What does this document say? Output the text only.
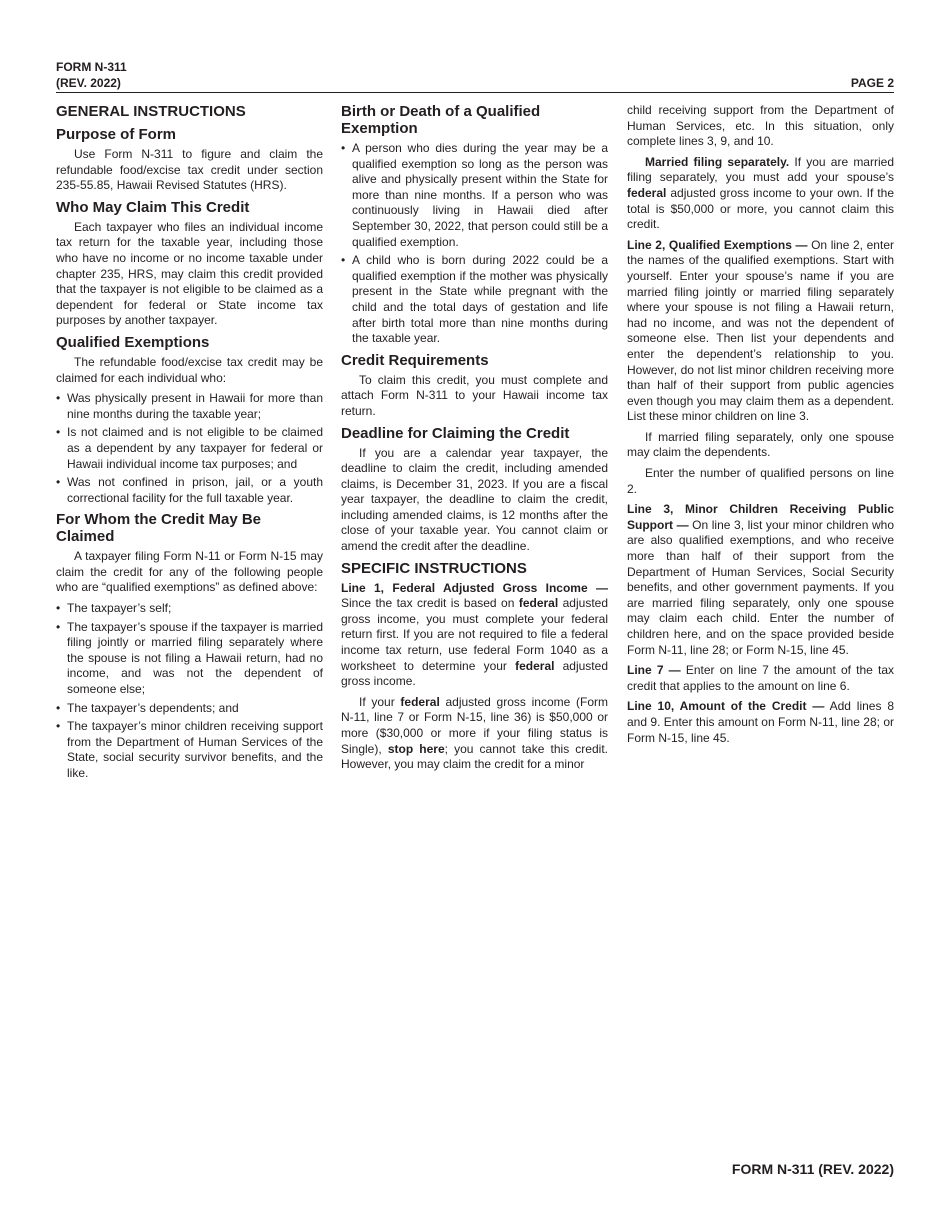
FORM N-311
(REV. 2022)	PAGE 2
GENERAL INSTRUCTIONS
Purpose of Form

Use Form N-311 to figure and claim the refundable food/excise tax credit under section 235-55.85, Hawaii Revised Statutes (HRS).

Who May Claim This Credit

Each taxpayer who files an individual income tax return for the taxable year, including those who have no income or no income taxable under chapter 235, HRS, may claim this credit provided that the taxpayer is not eligible to be claimed as a dependent for federal or State income tax purposes by another taxpayer.

Qualified Exemptions

The refundable food/excise tax credit may be claimed for each individual who:

• Was physically present in Hawaii for more than nine months during the taxable year;
• Is not claimed and is not eligible to be claimed as a dependent by any taxpayer for federal or Hawaii individual income tax purposes; and
• Was not confined in prison, jail, or a youth correctional facility for the full taxable year.
For Whom the Credit May Be Claimed

A taxpayer filing Form N-11 or Form N-15 may claim the credit for any of the following people who are “qualified exemptions” as defined above:

• The taxpayer’s self;
• The taxpayer’s spouse if the taxpayer is married filing jointly or married filing separately where the spouse is not filing a Hawaii return, had no income, and was not the dependent of someone else;
• The taxpayer’s dependents; and
• The taxpayer’s minor children receiving support from the Department of Human Services of the State, social security survivor benefits, and the like.
Birth or Death of a Qualified Exemption
• A person who dies during the year may be a qualified exemption so long as the person was alive and physically present within the State for more than nine months. If a person who was continuously living in Hawaii died after September 30, 2022, that person could still be a qualified exemption.
• A child who is born during 2022 could be a qualified exemption if the mother was physically present in the State while pregnant with the child and the total days of gestation and life after birth total more than nine months during the taxable year.
Credit Requirements

To claim this credit, you must complete and attach Form N-311 to your Hawaii income tax return.

Deadline for Claiming the Credit

If you are a calendar year taxpayer, the deadline to claim the credit, including amended claims, is December 31, 2023. If you are a fiscal year taxpayer, the deadline to claim the credit, including amended claims, is 12 months after the close of your taxable year. You cannot claim or amend the credit after the deadline.

SPECIFIC INSTRUCTIONS

Line 1, Federal Adjusted Gross Income — Since the tax credit is based on federal adjusted gross income, you must complete your federal return first. If you are not required to file a federal income tax return, use federal Form 1040 as a worksheet to determine your federal adjusted gross income.

If your federal adjusted gross income (Form N-11, line 7 or Form N-15, line 36) is $50,000 or more ($30,000 or more if your filing status is Single), stop here; you cannot take this credit. However, you may claim the credit for a minor

child receiving support from the Department of Human Services, etc. In this situation, only complete lines 3, 9, and 10.

Married filing separately. If you are married filing separately, you must add your spouse’s federal adjusted gross income to your own. If the total is $50,000 or more, you cannot claim this credit.

Line 2, Qualified Exemptions — On line 2, enter the names of the qualified exemptions. Start with yourself. Enter your spouse’s name if you are married filing jointly or married filing separately where your spouse is not filing a Hawaii return, had no income, and was not the dependent of someone else. Then list your dependents and enter the dependent’s relationship to you. However, do not list minor children receiving more than half of their support from public agencies even though you may claim them as a dependent. List these minor children on line 3.

If married filing separately, only one spouse may claim the dependents.

Enter the number of qualified persons on line 2.

Line 3, Minor Children Receiving Public Support — On line 3, list your minor children who are also qualified exemptions, and who receive more than half of their support from the Department of Human Services, Social Security benefits, and other government payments. If you are married filing separately, only one spouse may claim each child. Enter the number of children here, and on the space provided beside Form N-11, line 28; or Form N-15, line 45.

Line 7 — Enter on line 7 the amount of the tax credit that applies to the amount on line 6.

Line 10, Amount of the Credit — Add lines 8 and 9. Enter this amount on Form N-11, line 28; or Form N-15, line 45.

FORM N-311 (REV. 2022)
